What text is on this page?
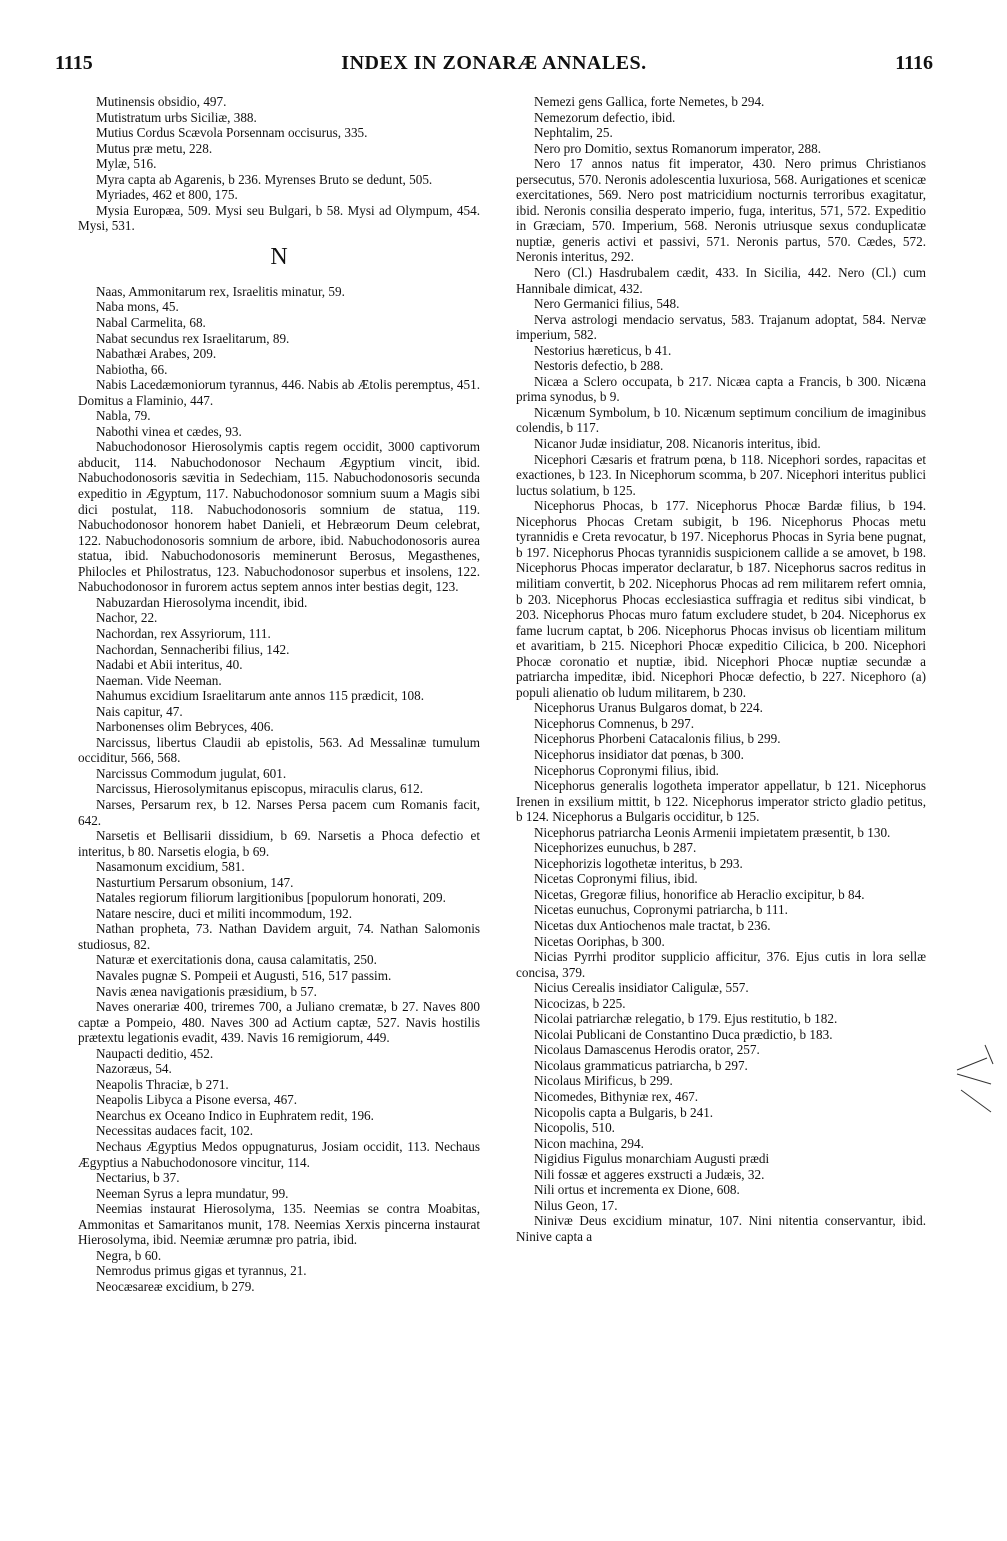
1115	INDEX IN ZONARÆ ANNALES.	1116

Mutinensis obsidio, 497.

Mutistratum urbs Siciliæ, 388.

Mutius Cordus Scævola Porsennam occisurus, 335.

Mutus præ metu, 228.

Mylæ, 516.

Myra capta ab Agarenis, b 236. Myrenses Bruto se dedunt, 505.

Myriades, 462 et 800, 175.

Mysia Europæa, 509. Mysi seu Bulgari, b 58. Mysi ad Olympum, 454. Mysi, 531.

N

Naas, Ammonitarum rex, Israelitis minatur, 59.

Naba mons, 45.

Nabal Carmelita, 68.

Nabat secundus rex Israelitarum, 89.

Nabathæi Arabes, 209.

Nabiotha, 66.

Nabis Lacedæmoniorum tyrannus, 446. Nabis ab Ætolis peremptus, 451. Domitus a Flaminio, 447.

Nabla, 79.

Nabothi vinea et cædes, 93.

Nabuchodonosor Hierosolymis captis regem occidit, 3000 captivorum abducit, 114. Nabuchodonosor Nechaum Ægyptium vincit, ibid. Nabuchodonosoris sævitia in Sedechiam, 115. Nabuchodonosoris secunda expeditio in Ægyptum, 117. Nabuchodonosor somnium suum a Magis sibi dici postulat, 118. Nabuchodonosoris somnium de statua, 119. Nabuchodonosor honorem habet Danieli, et Hebræorum Deum celebrat, 122. Nabuchodonosoris somnium de arbore, ibid. Nabuchodonosoris aurea statua, ibid. Nabuchodonosoris meminerunt Berosus, Megasthenes, Philocles et Philostratus, 123. Nabuchodonosor superbus et insolens, 122. Nabuchodonosor in furorem actus septem annos inter bestias degit, 123.

Nabuzardan Hierosolyma incendit, ibid.

Nachor, 22.

Nachordan, rex Assyriorum, 111.

Nachordan, Sennacheribi filius, 142.

Nadabi et Abii interitus, 40.

Naeman. Vide Neeman.

Nahumus excidium Israelitarum ante annos 115 prædicit, 108.

Nais capitur, 47.

Narbonenses olim Bebryces, 406.

Narcissus, libertus Claudii ab epistolis, 563. Ad Messalinæ tumulum occiditur, 566, 568.

Narcissus Commodum jugulat, 601.

Narcissus, Hierosolymitanus episcopus, miraculis clarus, 612.

Narses, Persarum rex, b 12. Narses Persa pacem cum Romanis facit, 642.

Narsetis et Bellisarii dissidium, b 69. Narsetis a Phoca defectio et interitus, b 80. Narsetis elogia, b 69.

Nasamonum excidium, 581.

Nasturtium Persarum obsonium, 147.

Natales regiorum filiorum largitionibus [populorum honorati, 209.

Natare nescire, duci et militi incommodum, 192.

Nathan propheta, 73. Nathan Davidem arguit, 74. Nathan Salomonis studiosus, 82.

Naturæ et exercitationis dona, causa calamitatis, 250.

Navales pugnæ S. Pompeii et Augusti, 516, 517 passim.

Navis ænea navigationis præsidium, b 57.

Naves onerariæ 400, triremes 700, a Juliano crematæ, b 27. Naves 800 captæ a Pompeio, 480. Naves 300 ad Actium captæ, 527. Navis hostilis prætextu legationis evadit, 439. Navis 16 remigiorum, 449.

Naupacti deditio, 452.

Nazoræus, 54.

Neapolis Thraciæ, b 271.

Neapolis Libyca a Pisone eversa, 467.

Nearchus ex Oceano Indico in Euphratem redit, 196.

Necessitas audaces facit, 102.

Nechaus Ægyptius Medos oppugnaturus, Josiam occidit, 113. Nechaus Ægyptius a Nabuchodonosore vincitur, 114.

Nectarius, b 37.

Neeman Syrus a lepra mundatur, 99.

Neemias instaurat Hierosolyma, 135. Neemias se contra Moabitas, Ammonitas et Samaritanos munit, 178. Neemias Xerxis pincerna instaurat Hierosolyma, ibid. Neemiæ ærumnæ pro patria, ibid.

Negra, b 60.

Nemrodus primus gigas et tyrannus, 21.

Neocæsareæ excidium, b 279.

Nemezi gens Gallica, forte Nemetes, b 294.

Nemezorum defectio, ibid.

Nephtalim, 25.

Nero pro Domitio, sextus Romanorum imperator, 288.

Nero 17 annos natus fit imperator, 430. Nero primus Christianos persecutus, 570. Neronis adolescentia luxuriosa, 568. Aurigationes et scenicæ exercitationes, 569. Nero post matricidium nocturnis terroribus exagitatur, ibid. Neronis consilia desperato imperio, fuga, interitus, 571, 572. Expeditio in Græciam, 570. Imperium, 568. Neronis utriusque sexus conduplicatæ nuptiæ, generis activi et passivi, 571. Neronis partus, 570. Cædes, 572. Neronis interitus, 292.

Nero (Cl.) Hasdrubalem cædit, 433. In Sicilia, 442. Nero (Cl.) cum Hannibale dimicat, 432.

Nero Germanici filius, 548.

Nerva astrologi mendacio servatus, 583. Trajanum adoptat, 584. Nervæ imperium, 582.

Nestorius hæreticus, b 41.

Nestoris defectio, b 288.

Nicæa a Sclero occupata, b 217. Nicæa capta a Francis, b 300. Nicæna prima synodus, b 9.

Nicænum Symbolum, b 10. Nicænum septimum concilium de imaginibus colendis, b 117.

Nicanor Judæ insidiatur, 208. Nicanoris interitus, ibid.

Nicephori Cæsaris et fratrum pœna, b 118. Nicephori sordes, rapacitas et exactiones, b 123. In Nicephorum scomma, b 207. Nicephori interitus publici luctus solatium, b 125.

Nicephorus Phocas, b 177. Nicephorus Phocæ Bardæ filius, b 194. Nicephorus Phocas Cretam subigit, b 196. Nicephorus Phocas metu tyrannidis e Creta revocatur, b 197. Nicephorus Phocas in Syria bene pugnat, b 197. Nicephorus Phocas tyrannidis suspicionem callide a se amovet, b 198. Nicephorus Phocas imperator declaratur, b 187. Nicephorus sacros reditus in militiam convertit, b 202. Nicephorus Phocas ad rem militarem refert omnia, b 203. Nicephorus Phocas ecclesiastica suffragia et reditus sibi vindicat, b 203. Nicephorus Phocas muro fatum excludere studet, b 204. Nicephorus ex fame lucrum captat, b 206. Nicephorus Phocas invisus ob licentiam militum et avaritiam, b 215. Nicephori Phocæ expeditio Cilicica, b 200. Nicephori Phocæ coronatio et nuptiæ, ibid. Nicephori Phocæ nuptiæ secundæ a patriarcha impeditæ, ibid. Nicephori Phocæ defectio, b 227. Nicephoro (a) populi alienatio ob ludum militarem, b 230.

Nicephorus Uranus Bulgaros domat, b 224.

Nicephorus Comnenus, b 297.

Nicephorus Phorbeni Catacalonis filius, b 299.

Nicephorus insidiator dat pœnas, b 300.

Nicephorus Copronymi filius, ibid.

Nicephorus generalis logotheta imperator appellatur, b 121. Nicephorus Irenen in exsilium mittit, b 122. Nicephorus imperator stricto gladio petitus, b 124. Nicephorus a Bulgaris occiditur, b 125.

Nicephorus patriarcha Leonis Armenii impietatem præsentit, b 130.

Nicephorizes eunuchus, b 287.

Nicephorizis logothetæ interitus, b 293.

Nicetas Copronymi filius, ibid.

Nicetas, Gregoræ filius, honorifice ab Heraclio excipitur, b 84.

Nicetas eunuchus, Copronymi patriarcha, b 111.

Nicetas dux Antiochenos male tractat, b 236.

Nicetas Ooriphas, b 300.

Nicias Pyrrhi proditor supplicio afficitur, 376. Ejus cutis in lora sellæ concisa, 379.

Nicius Cerealis insidiator Caligulæ, 557.

Nicocizas, b 225.

Nicolai patriarchæ relegatio, b 179. Ejus restitutio, b 182.

Nicolai Publicani de Constantino Duca prædictio, b 183.

Nicolaus Damascenus Herodis orator, 257.

Nicolaus grammaticus patriarcha, b 297.

Nicolaus Mirificus, b 299.

Nicomedes, Bithyniæ rex, 467.

Nicopolis capta a Bulgaris, b 241.

Nicopolis, 510.

Nicon machina, 294.

Nigidius Figulus monarchiam Augusti prædi

Nili fossæ et aggeres exstructi a Judæis, 32.

Nili ortus et incrementa ex Dione, 608.

Nilus Geon, 17.

Ninivæ Deus excidium minatur, 107. Nini nitentia conservantur, ibid. Ninive capta a
